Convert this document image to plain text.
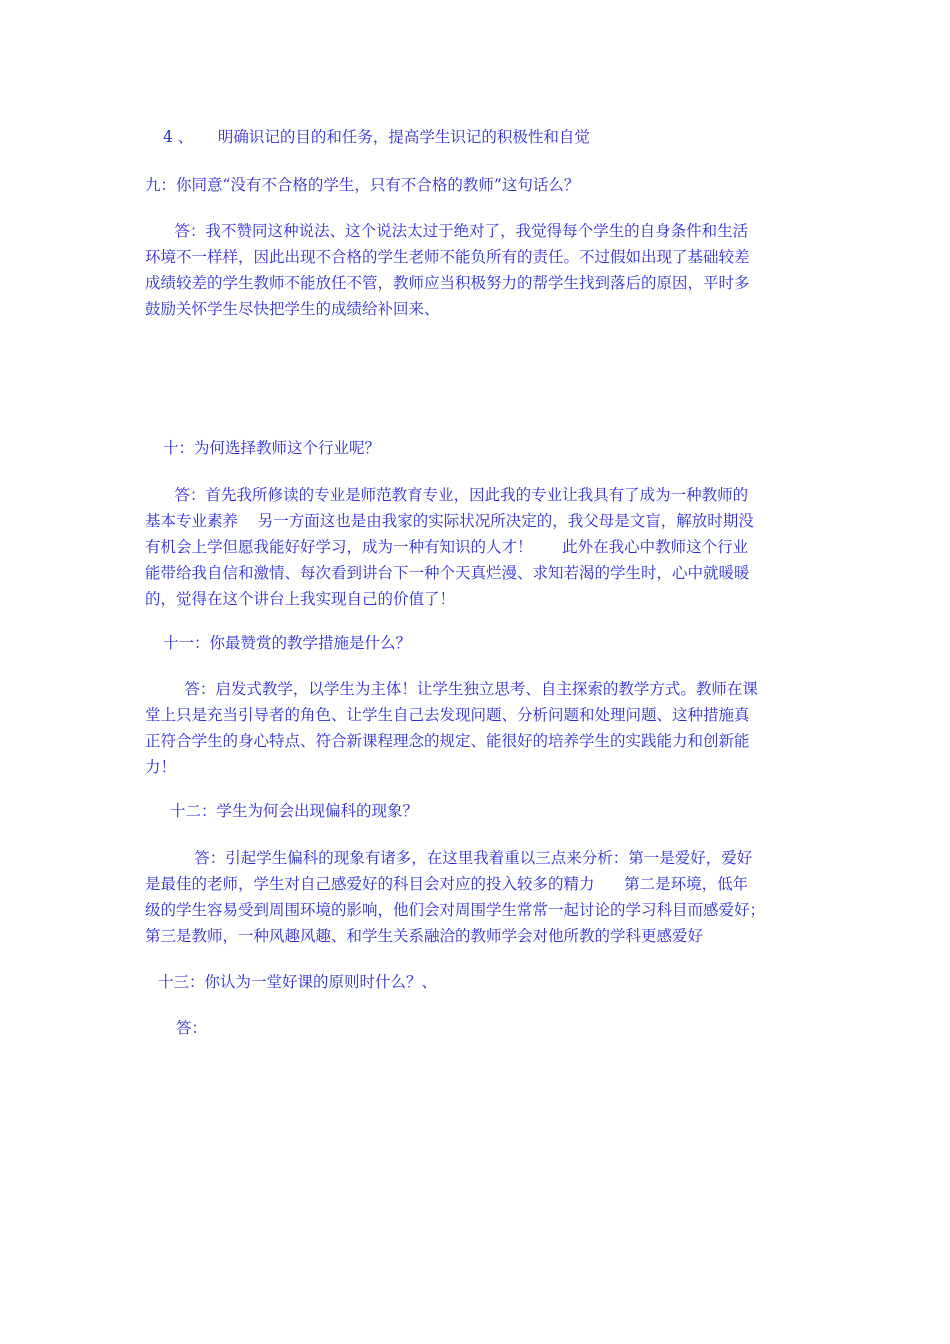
4 、     明确识记的目的和任务，提高学生识记的积极性和自觉
九：你同意“没有不合格的学生，只有不合格的教师”这句话么？
答：我不赞同这种说法、这个说法太过于绝对了，我觉得每个学生的自身条件和生活
环境不一样样，因此出现不合格的学生老师不能负所有的责任。不过假如出现了基础较差
成绩较差的学生教师不能放任不管，教师应当积极努力的帮学生找到落后的原因，平时多
鼓励关怀学生尽快把学生的成绩给补回来、
十：为何选择教师这个行业呢？
答：首先我所修读的专业是师范教育专业，因此我的专业让我具有了成为一种教师的
基本专业素养    另一方面这也是由我家的实际状况所决定的，我父母是文盲，解放时期没
有机会上学但愿我能好好学习，成为一种有知识的人才！      此外在我心中教师这个行业
能带给我自信和激情、每次看到讲台下一种个天真烂漫、求知若渴的学生时，心中就暖暖
的，觉得在这个讲台上我实现自己的价值了！
十一：你最赞赏的教学措施是什么？
答：启发式教学，以学生为主体！让学生独立思考、自主探索的教学方式。教师在课
堂上只是充当引导者的角色、让学生自己去发现问题、分析问题和处理问题、这种措施真
正符合学生的身心特点、符合新课程理念的规定、能很好的培养学生的实践能力和创新能
力！
十二：学生为何会出现偏科的现象？
答：引起学生偏科的现象有诸多，在这里我着重以三点来分析：第一是爱好，爱好
是最佳的老师，学生对自己感爱好的科目会对应的投入较多的精力      第二是环境，低年
级的学生容易受到周围环境的影响，他们会对周围学生常常一起讨论的学习科目而感爱好；
第三是教师，一种风趣风趣、和学生关系融洽的教师学会对他所教的学科更感爱好
十三：你认为一堂好课的原则时什么？、
答：
